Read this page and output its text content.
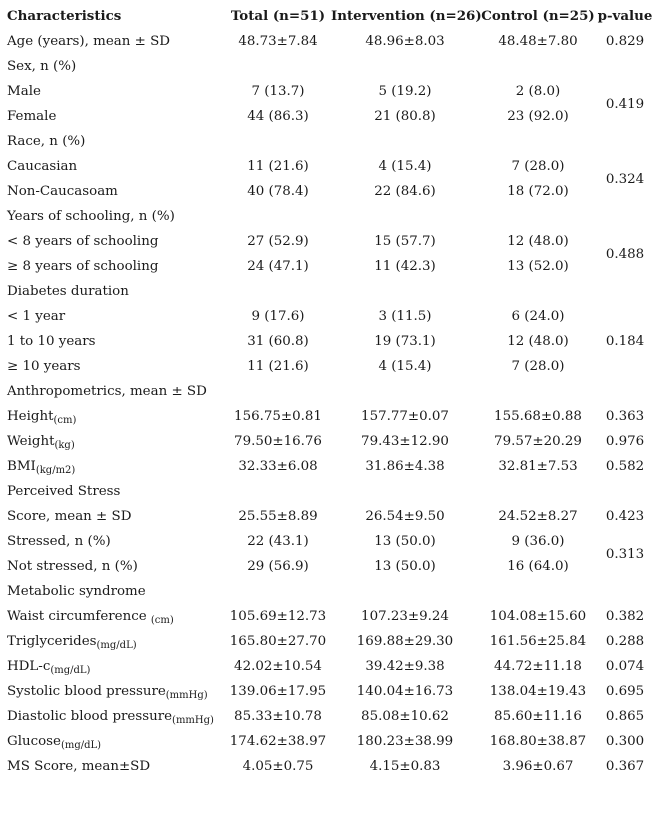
Characteristics	Total (n=51)	Intervention (n=26)	Control (n=25)	p-value
Age (years), mean ± SD	48.73±7.84	48.96±8.03	48.48±7.80	0.829
Sex, n (%)				
Male	7 (13.7)	5 (19.2)	2 (8.0)	0.419
Female	44 (86.3)	21 (80.8)	23 (92.0)	
Race, n (%)				
Caucasian	11 (21.6)	4 (15.4)	7 (28.0)	0.324
Non-Caucasoam	40 (78.4)	22 (84.6)	18 (72.0)	
Years of schooling, n (%)				
< 8 years of schooling	27 (52.9)	15 (57.7)	12 (48.0)	0.488
≥ 8 years of schooling	24 (47.1)	11 (42.3)	13 (52.0)	
Diabetes duration				
< 1 year	9 (17.6)	3 (11.5)	6 (24.0)	0.184
1 to 10 years	31 (60.8)	19 (73.1)	12 (48.0)	
≥ 10 years	11 (21.6)	4 (15.4)	7 (28.0)	
Anthropometrics, mean ± SD				
Height$_{(cm)}$	156.75±0.81	157.77±0.07	155.68±0.88	0.363
Weight$_{(kg)}$	79.50±16.76	79.43±12.90	79.57±20.29	0.976
$BMI_{(kg/m2)}$	32.33±6.08	31.86±4.38	32.81±7.53	0.582
Perceived Stress				
Score, mean ± SD	25.55±8.89	26.54±9.50	24.52±8.27	0.423
Stressed, n (%)	22 (43.1)	13 (50.0)	9 (36.0)	0.313
Not stressed, n (%)	29 (56.9)	13 (50.0)	16 (64.0)	
Metabolic syndrome				
Waist circumference $_{(cm)}$	105.69±12.73	107.23±9.24	104.08±15.60	0.382
Triglycerides$_{(mg/dL)}$	165.80±27.70	169.88±29.30	161.56±25.84	0.288
HDL-$c_{(mg/dL)}$	42.02±10.54	39.42±9.38	44.72±11.18	0.074
Systolic blood pressure$_{(mmHg)}$	139.06±17.95	140.04±16.73	138.04±19.43	0.695
Diastolic blood pressure$_{(mmHg)}$	85.33±10.78	85.08±10.62	85.60±11.16	0.865
Glucose$_{(mg/dL)}$	174.62±38.97	180.23±38.99	168.80±38.87	0.300
MS Score, mean±SD	4.05±0.75	4.15±0.83	3.96±0.67	0.367
